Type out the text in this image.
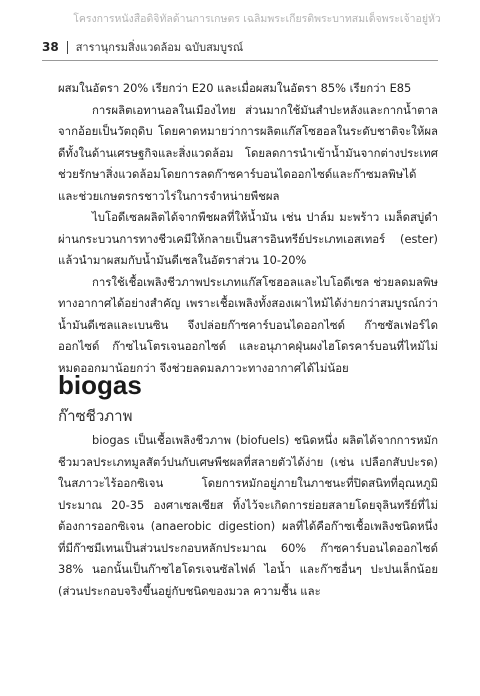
โครงการหนังสือดิจิทัลด้านการเกษตร เฉลิมพระเกียรติพระบาทสมเด็จพระเจ้าอยู่หัว
38 สารานุกรมสิ่งแวดล้อม ฉบับสมบูรณ์

ผสมในอัตรา 20% เรียกว่า E20 และเมื่อผสมในอัตรา 85% เรียกว่า E85

การผลิตเอทานอลในเมืองไทย ส่วนมากใช้มันสำปะหลังและกากน้ำตาลจากอ้อยเป็นวัตถุดิบ โดยคาดหมายว่าการผลิตแก๊สโซฮอลในระดับชาติจะให้ผลดีทั้งในด้านเศรษฐกิจและสิ่งแวดล้อม โดยลดการนำเข้าน้ำมันจากต่างประเทศ ช่วยรักษาสิ่งแวดล้อมโดยการลดก๊าซคาร์บอนไดออกไซด์และก๊าซมลพิษได้ และช่วยเกษตรกรชาวไร่ในการจำหน่ายพืชผล

ไบโอดีเซลผลิตได้จากพืชผลที่ให้น้ำมัน เช่น ปาล์ม มะพร้าว เมล็ดสบู่ดำ ผ่านกระบวนการทางชีวเคมีให้กลายเป็นสารอินทรีย์ประเภทเอสเทอร์ (ester) แล้วนำมาผสมกับน้ำมันดีเซลในอัตราส่วน 10-20%

การใช้เชื้อเพลิงชีวภาพประเภทแก๊สโซฮอลและไบโอดีเซล ช่วยลดมลพิษทางอากาศได้อย่างสำคัญ เพราะเชื้อเพลิงทั้งสองเผาไหม้ได้ง่ายกว่าสมบูรณ์กว่าน้ำมันดีเซลและเบนซิน จึงปล่อยก๊าซคาร์บอนไดออกไซด์ ก๊าซซัลเฟอร์ไดออกไซด์ ก๊าซไนโตรเจนออกไซด์ และอนุภาคฝุ่นผงไฮโดรคาร์บอนที่ไหม้ไม่หมดออกมาน้อยกว่า จึงช่วยลดมลภาวะทางอากาศได้ไม่น้อย

biogas
ก๊าซชีวภาพ

biogas เป็นเชื้อเพลิงชีวภาพ (biofuels) ชนิดหนึ่ง ผลิตได้จากการหมักชีวมวลประเภทมูลสัตว์ปนกับเศษพืชผลที่สลายตัวได้ง่าย (เช่น เปลือกสับปะรด) ในสภาวะไร้ออกซิเจน โดยการหมักอยู่ภายในภาชนะที่ปิดสนิทที่อุณหภูมิประมาณ 20-35 องศาเซลเซียส ทิ้งไว้จะเกิดการย่อยสลายโดยจุลินทรีย์ที่ไม่ต้องการออกซิเจน (anaerobic digestion) ผลที่ได้คือก๊าซเชื้อเพลิงชนิดหนึ่ง ที่มีก๊าซมีเทนเป็นส่วนประกอบหลักประมาณ 60% ก๊าซคาร์บอนไดออกไซด์ 38% นอกนั้นเป็นก๊าซไฮโดรเจนซัลไฟด์ ไอน้ำ และก๊าซอื่นๆ ปะปนเล็กน้อย (ส่วนประกอบจริงขึ้นอยู่กับชนิดของมวล ความชื้น และ
